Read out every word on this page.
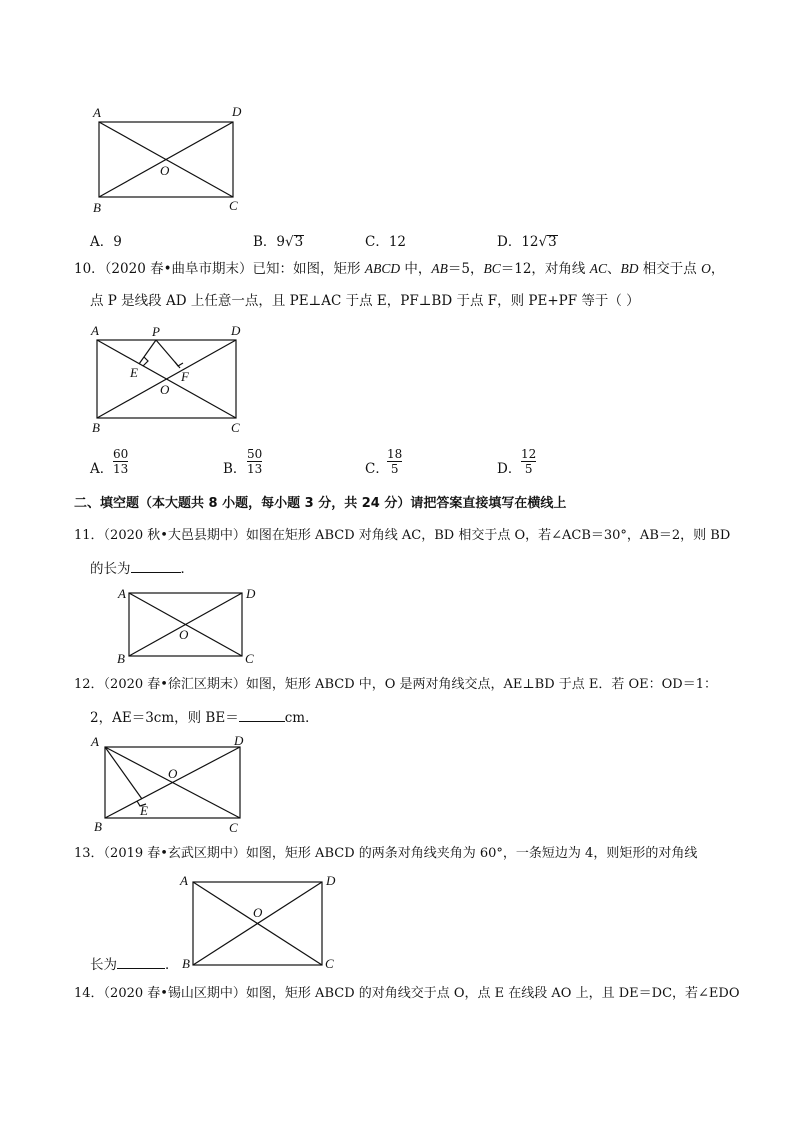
A	D
O
B	C
A．9	B．9√3	C．12	D．12√3
10．（2020 春•曲阜市期末）已知：如图，矩形 ABCD 中，AB＝5，BC＝12，对角线 AC、BD 相交于点 O，
点 P 是线段 AD 上任意一点，且 PE⊥AC 于点 E，PF⊥BD 于点 F，则 PE+PF 等于（ ）
A	P	D
E	F
O
B	C
A．
60
13	B．
50
13	C．
18
5	D．
12
5
二、填空题（本大题共 8 小题，每小题 3 分，共 24 分）请把答案直接填写在横线上
11．（2020 秋•大邑县期中）如图在矩形 ABCD 对角线 AC，BD 相交于点 O，若∠ACB＝30°，AB＝2，则 BD
的长为	．
A	D
O
B	C
12．（2020 春•徐汇区期末）如图，矩形 ABCD 中，O 是两对角线交点，AE⊥BD 于点 E．若 OE：OD＝1：
2，AE＝3cm，则 BE＝	cm．
A	D
O
E
B	C
13．（2019 春•玄武区期中）如图，矩形 ABCD 的两条对角线夹角为 60°，一条短边为 4，则矩形的对角线
A	D
O
B	C
长为	．
14．（2020 春•锡山区期中）如图，矩形 ABCD 的对角线交于点 O，点 E 在线段 AO 上，且 DE＝DC，若∠EDO
